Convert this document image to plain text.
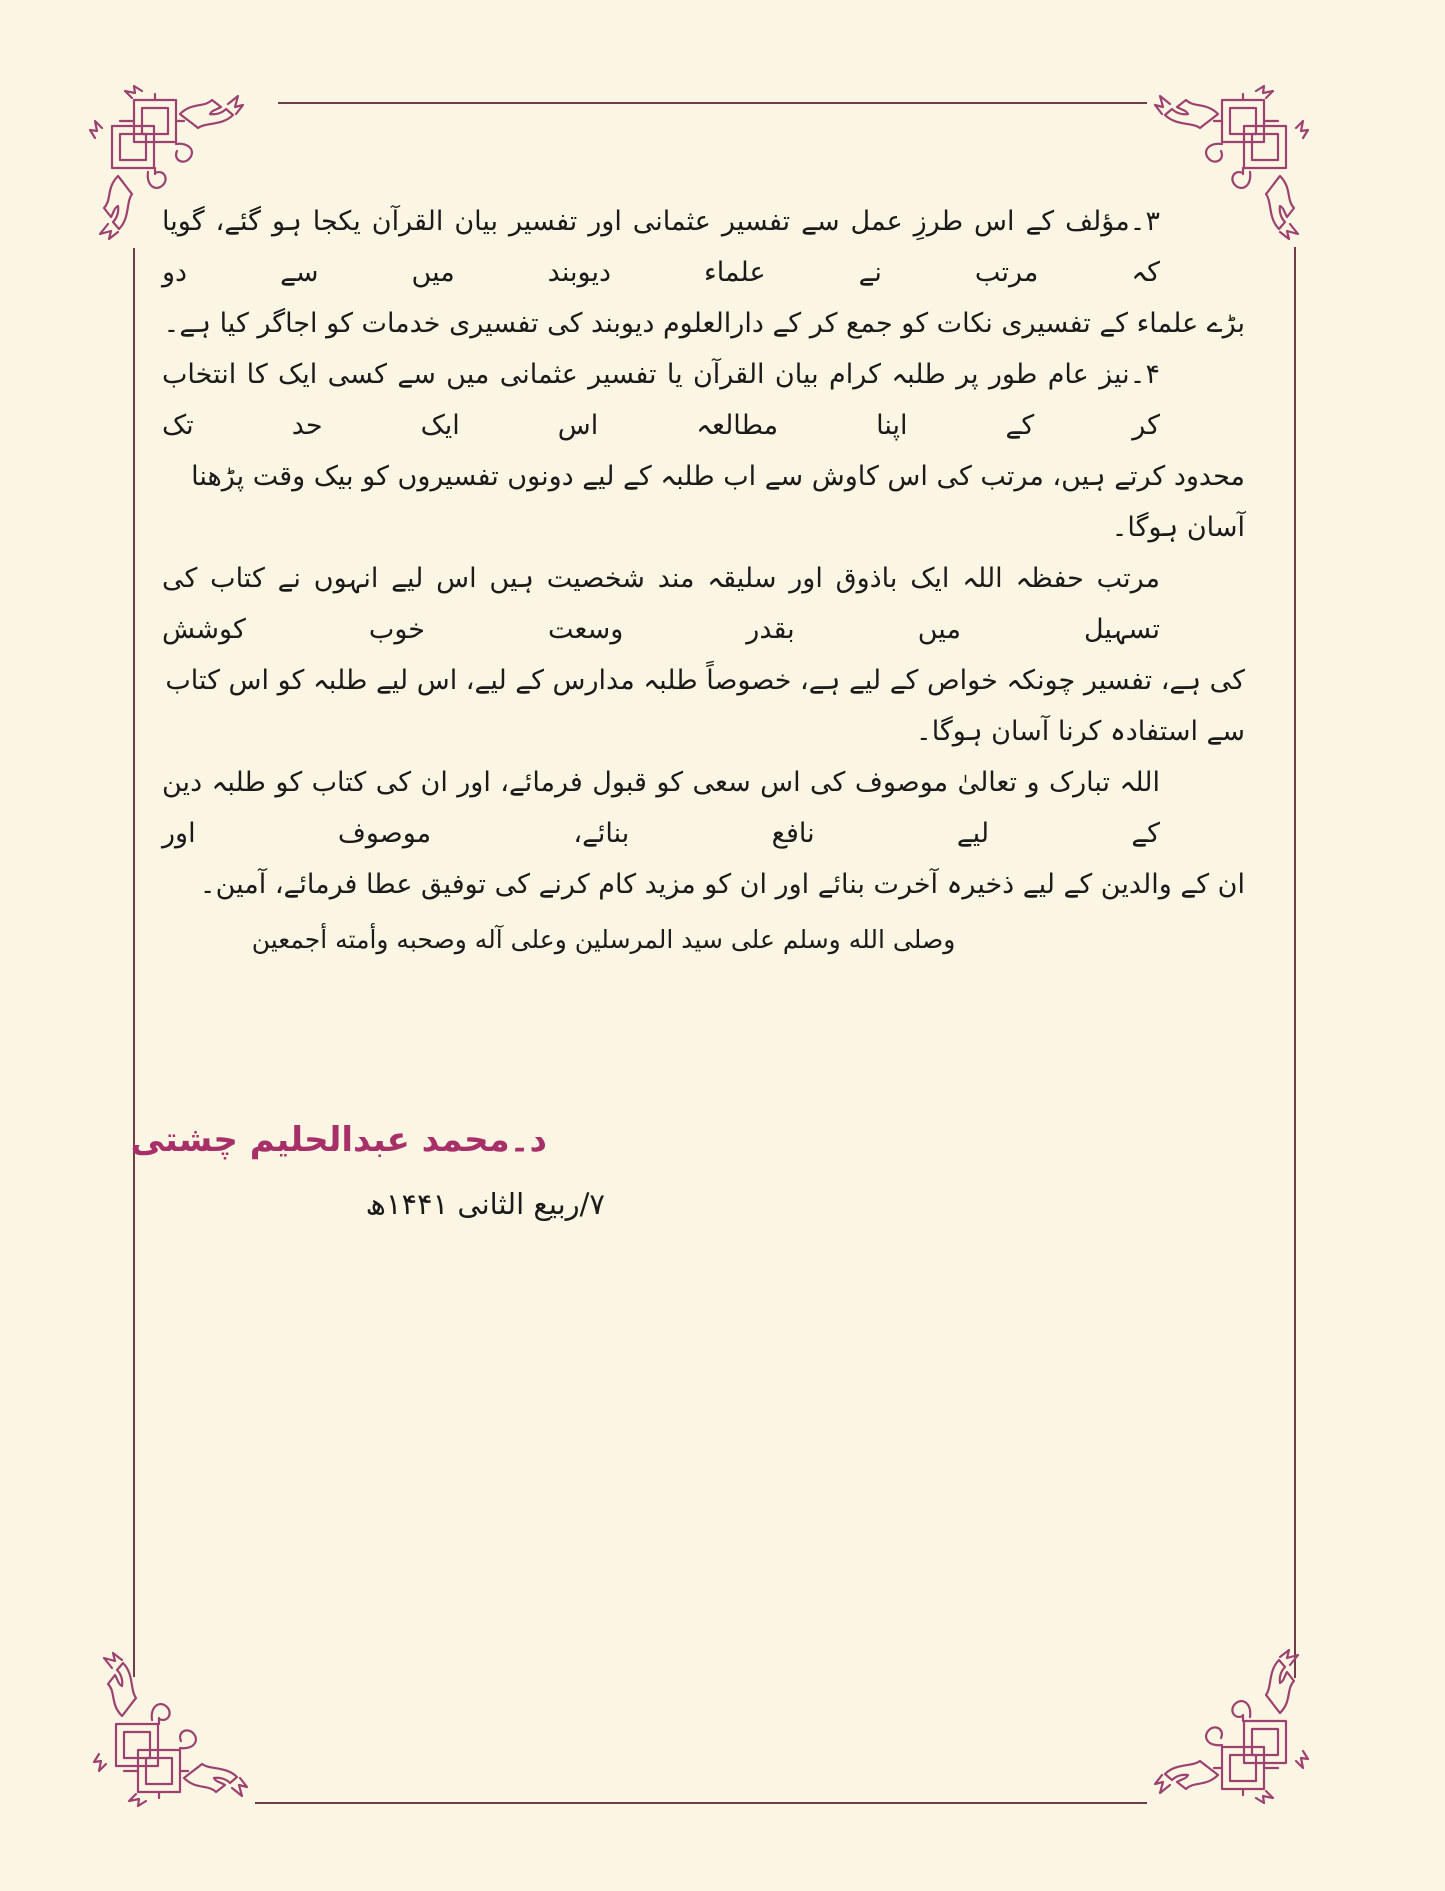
۳۔مؤلف کے اس طرزِ عمل سے تفسیر عثمانی اور تفسیر بیان القرآن یکجا ہو گئے، گویا کہ مرتب نے علماء دیوبند میں سے دو
بڑے علماء کے تفسیری نکات کو جمع کر کے دارالعلوم دیوبند کی تفسیری خدمات کو اجاگر کیا ہے۔
۴۔نیز عام طور پر طلبہ کرام بیان القرآن یا تفسیر عثمانی میں سے کسی ایک کا انتخاب کر کے اپنا مطالعہ اس ایک حد تک
محدود کرتے ہیں، مرتب کی اس کاوش سے اب طلبہ کے لیے دونوں تفسیروں کو بیک وقت پڑھنا آسان ہوگا۔
مرتب حفظہ اللہ ایک باذوق اور سلیقہ مند شخصیت ہیں اس لیے انہوں نے کتاب کی تسہیل میں بقدر وسعت خوب کوشش
کی ہے، تفسیر چونکہ خواص کے لیے ہے، خصوصاً طلبہ مدارس کے لیے، اس لیے طلبہ کو اس کتاب سے استفادہ کرنا آسان ہوگا۔
اللہ تبارک و تعالیٰ موصوف کی اس سعی کو قبول فرمائے، اور ان کی کتاب کو طلبہ دین کے لیے نافع بنائے، موصوف اور
ان کے والدین کے لیے ذخیرہ آخرت بنائے اور ان کو مزید کام کرنے کی توفیق عطا فرمائے، آمین۔
وصلى الله وسلم على سيد المرسلين وعلى آله وصحبه وأمته أجمعين
د۔محمد عبدالحلیم چشتی
۷/ربیع الثانی ۱۴۴۱ھ
